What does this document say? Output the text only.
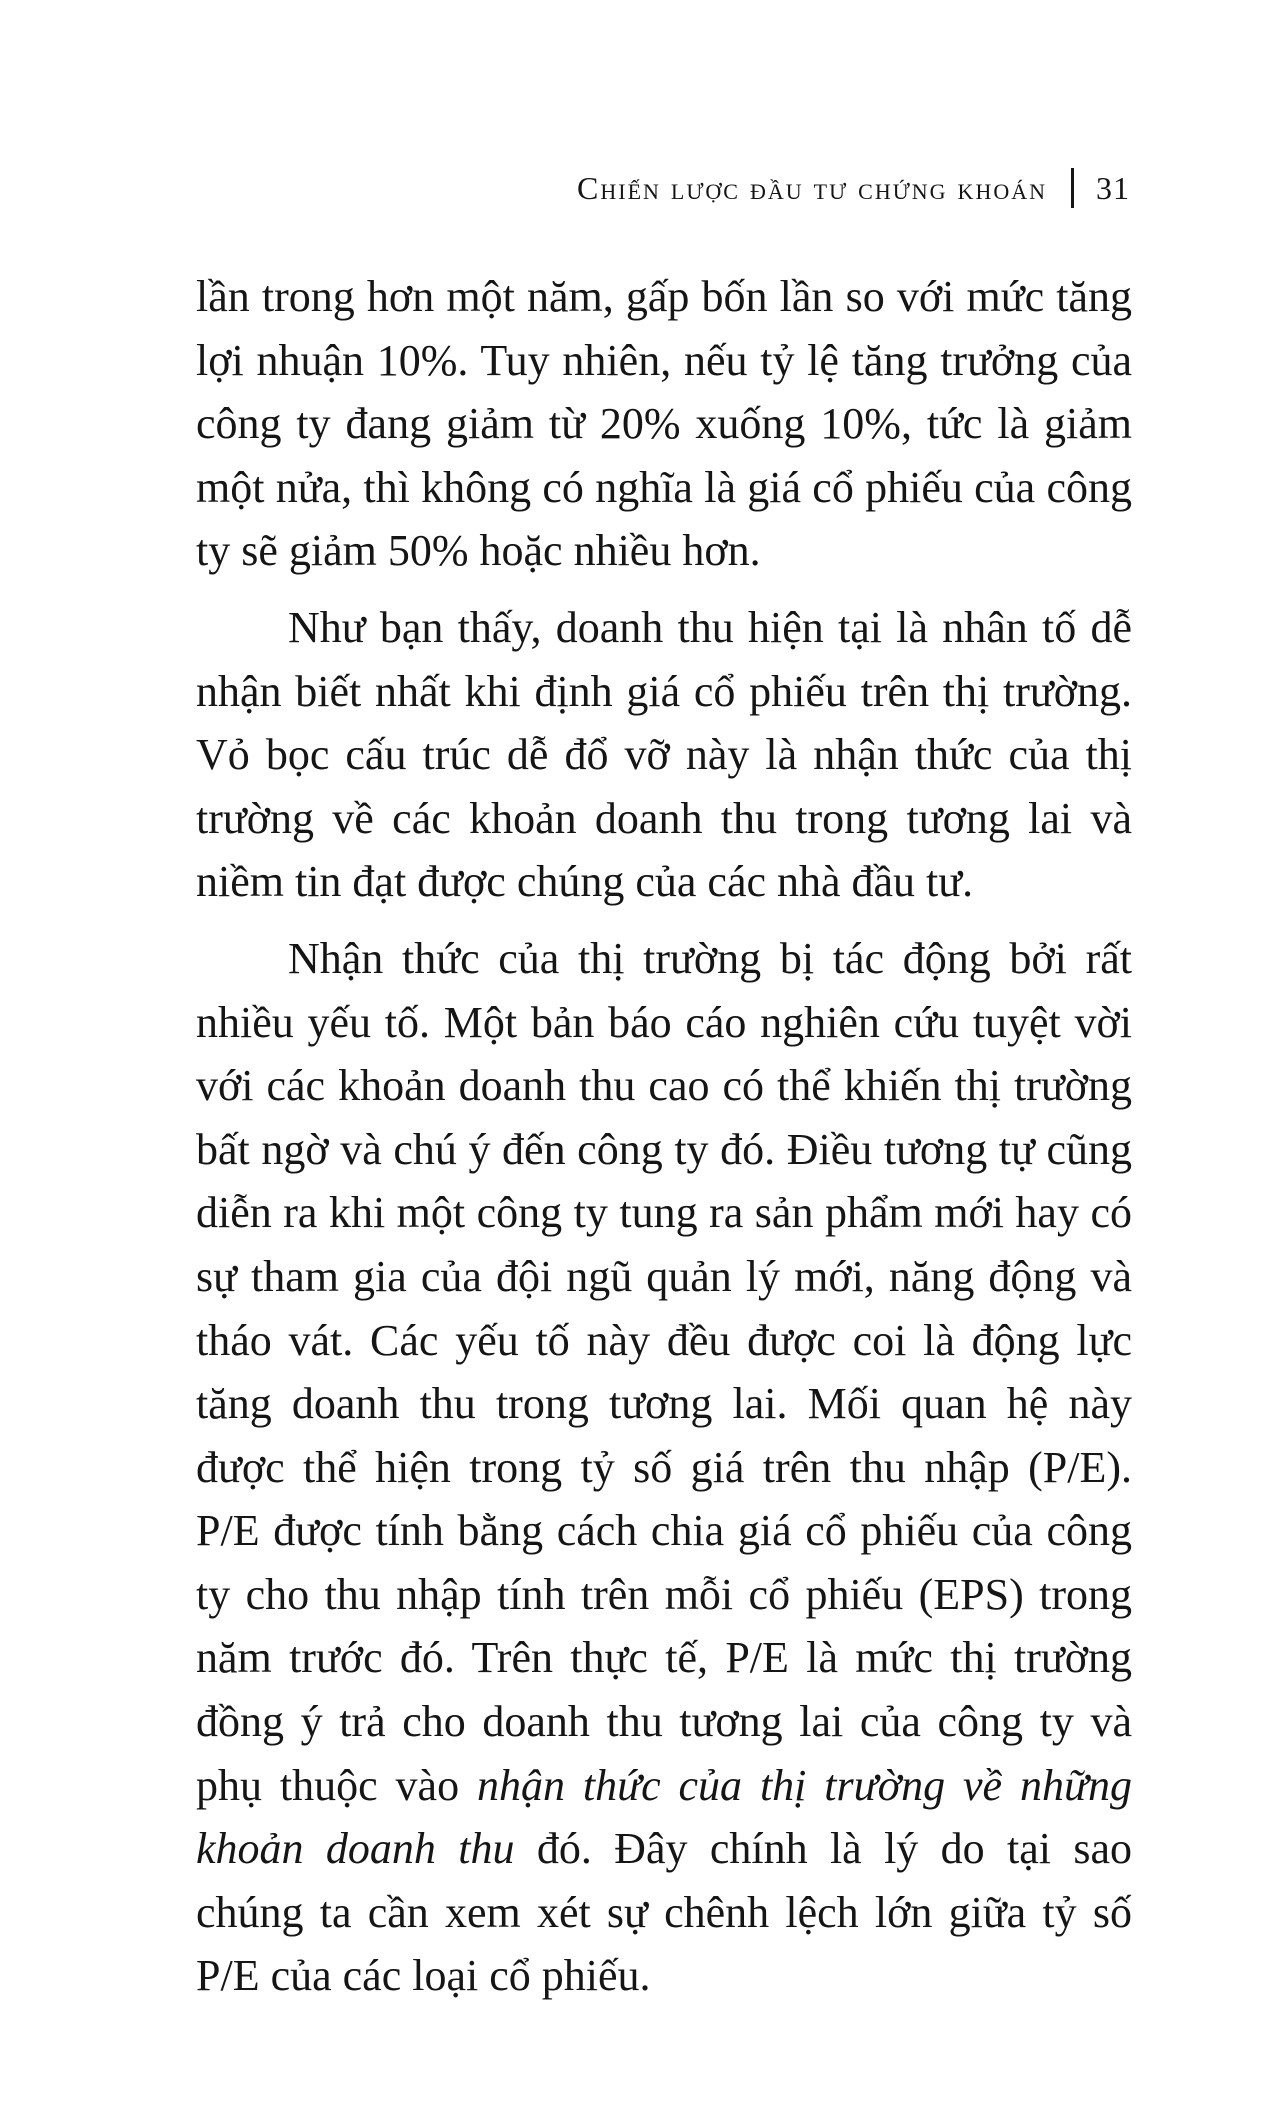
Chiến lược đầu tư chứng khoán 31

lần trong hơn một năm, gấp bốn lần so với mức tăng lợi nhuận 10%. Tuy nhiên, nếu tỷ lệ tăng trưởng của công ty đang giảm từ 20% xuống 10%, tức là giảm một nửa, thì không có nghĩa là giá cổ phiếu của công ty sẽ giảm 50% hoặc nhiều hơn.

Như bạn thấy, doanh thu hiện tại là nhân tố dễ nhận biết nhất khi định giá cổ phiếu trên thị trường. Vỏ bọc cấu trúc dễ đổ vỡ này là nhận thức của thị trường về các khoản doanh thu trong tương lai và niềm tin đạt được chúng của các nhà đầu tư.

Nhận thức của thị trường bị tác động bởi rất nhiều yếu tố. Một bản báo cáo nghiên cứu tuyệt vời với các khoản doanh thu cao có thể khiến thị trường bất ngờ và chú ý đến công ty đó. Điều tương tự cũng diễn ra khi một công ty tung ra sản phẩm mới hay có sự tham gia của đội ngũ quản lý mới, năng động và tháo vát. Các yếu tố này đều được coi là động lực tăng doanh thu trong tương lai. Mối quan hệ này được thể hiện trong tỷ số giá trên thu nhập (P/E). P/E được tính bằng cách chia giá cổ phiếu của công ty cho thu nhập tính trên mỗi cổ phiếu (EPS) trong năm trước đó. Trên thực tế, P/E là mức thị trường đồng ý trả cho doanh thu tương lai của công ty và phụ thuộc vào nhận thức của thị trường về những khoản doanh thu đó. Đây chính là lý do tại sao chúng ta cần xem xét sự chênh lệch lớn giữa tỷ số P/E của các loại cổ phiếu.
